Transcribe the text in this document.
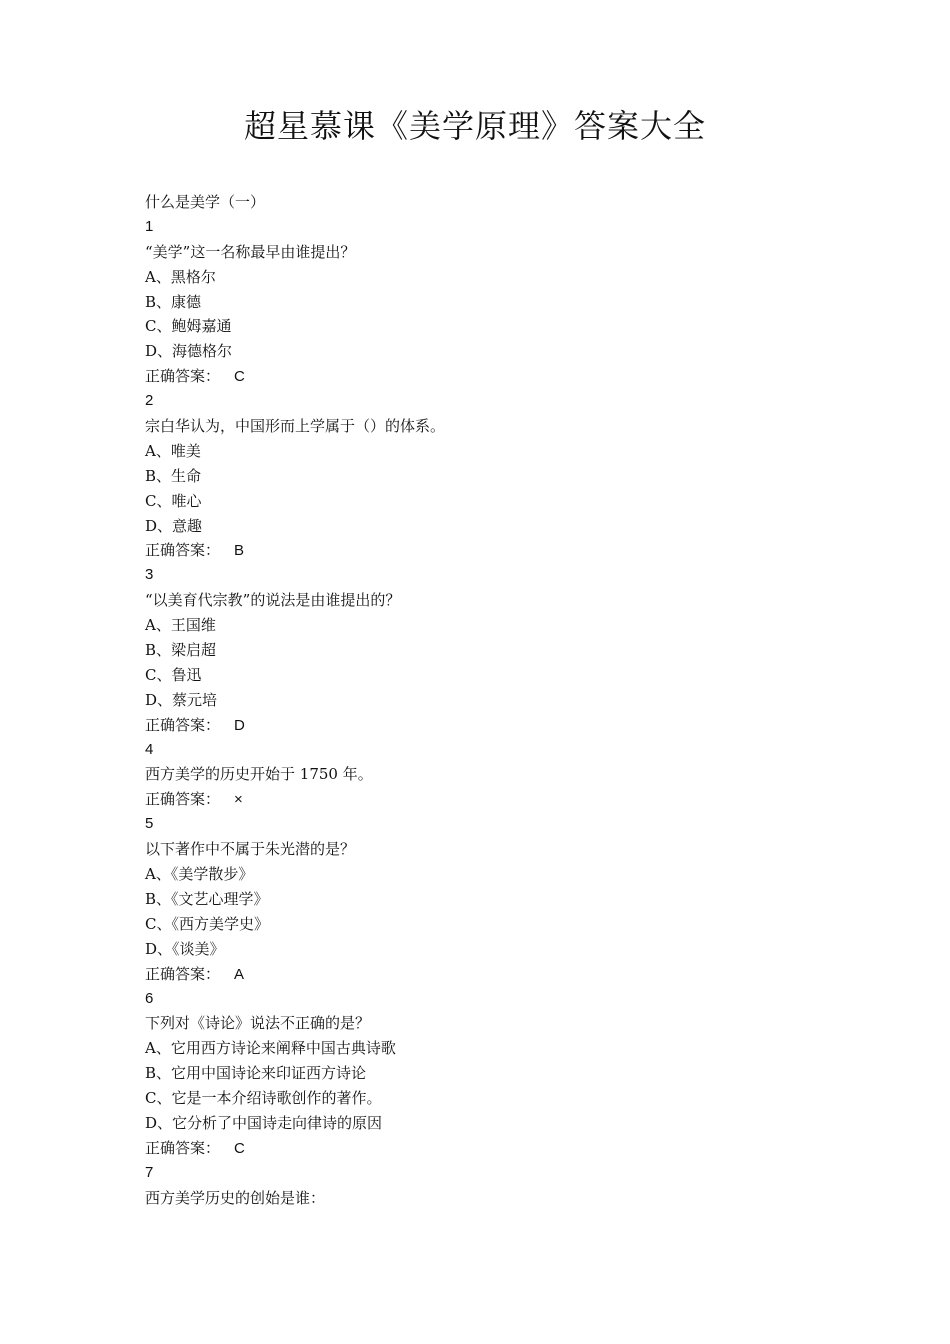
超星慕课《美学原理》答案大全
什么是美学（一）
1
“美学”这一名称最早由谁提出？
A、黑格尔
B、康德
C、鲍姆嘉通
D、海德格尔
正确答案： C
2
宗白华认为，中国形而上学属于（）的体系。
A、唯美
B、生命
C、唯心
D、意趣
正确答案： B
3
“以美育代宗教”的说法是由谁提出的？
A、王国维
B、梁启超
C、鲁迅
D、蔡元培
正确答案： D
4
西方美学的历史开始于 1750 年。
正确答案： ×
5
以下著作中不属于朱光潜的是？
A、《美学散步》
B、《文艺心理学》
C、《西方美学史》
D、《谈美》
正确答案： A
6
下列对《诗论》说法不正确的是？
A、它用西方诗论来阐释中国古典诗歌
B、它用中国诗论来印证西方诗论
C、它是一本介绍诗歌创作的著作。
D、它分析了中国诗走向律诗的原因
正确答案： C
7
西方美学历史的创始是谁：
